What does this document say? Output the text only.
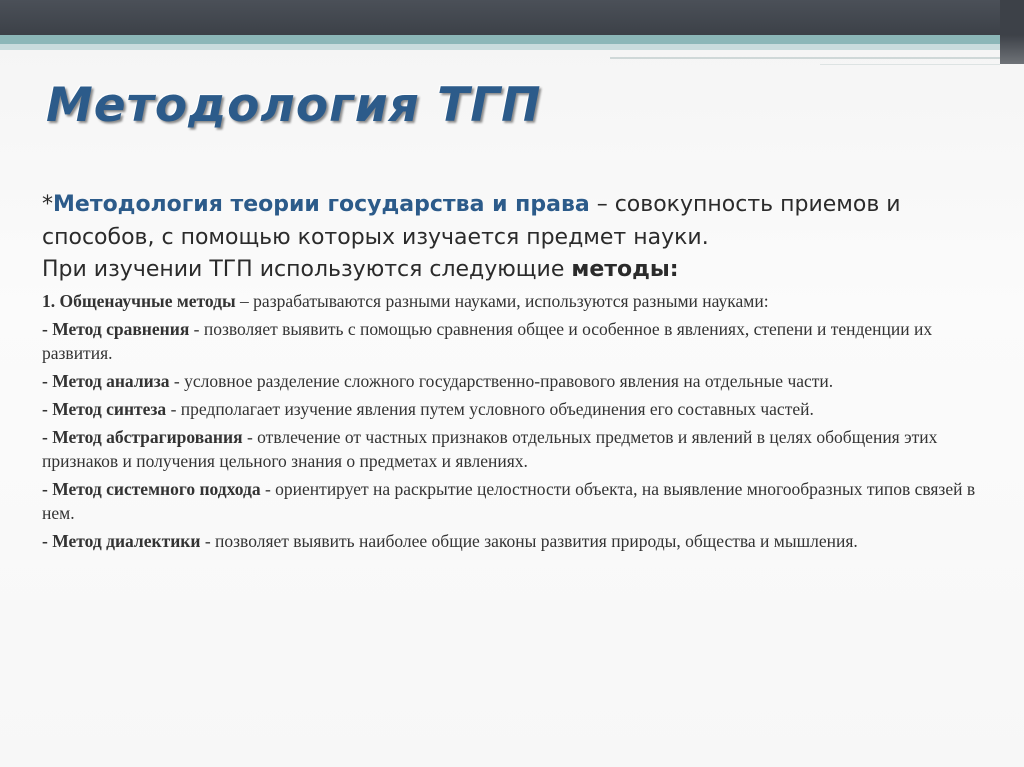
Методология ТГП

*Методология теории государства и права – совокупность приемов и способов, с помощью которых изучается предмет науки.

При изучении ТГП используются следующие методы:

1. Общенаучные методы – разрабатываются разными науками, используются разными науками:
- Метод сравнения - позволяет выявить с помощью сравнения общее и особенное в явлениях, степени и тенденции их развития.
- Метод анализа - условное разделение сложного государственно-правового явления на отдельные части.
- Метод синтеза - предполагает изучение явления путем условного объединения его составных частей.
- Метод абстрагирования - отвлечение от частных признаков отдельных предметов и явлений в целях обобщения этих признаков и получения цельного знания о предметах и явлениях.
- Метод системного подхода - ориентирует на раскрытие целостности объекта, на выявление многообразных типов связей в нем.
- Метод диалектики - позволяет выявить наиболее общие законы развития природы, общества и мышления.
